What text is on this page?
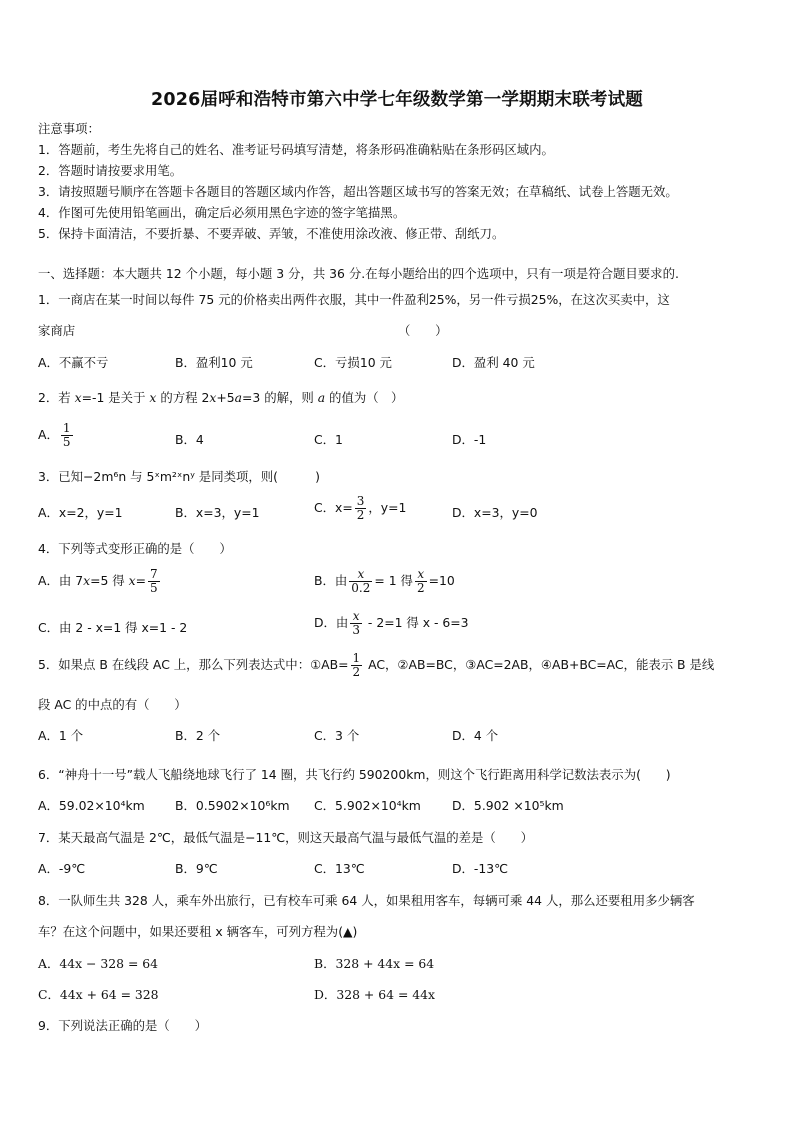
2026届呼和浩特市第六中学七年级数学第一学期期末联考试题
注意事项：
1．答题前，考生先将自己的姓名、准考证号码填写清楚，将条形码准确粘贴在条形码区域内。
2．答题时请按要求用笔。
3．请按照题号顺序在答题卡各题目的答题区域内作答，超出答题区域书写的答案无效；在草稿纸、试卷上答题无效。
4．作图可先使用铅笔画出，确定后必须用黑色字迹的签字笔描黑。
5．保持卡面清洁，不要折暴、不要弄破、弄皱，不准使用涂改液、修正带、刮纸刀。
一、选择题：本大题共 12 个小题，每小题 3 分，共 36 分.在每小题给出的四个选项中，只有一项是符合题目要求的.
1．一商店在某一时间以每件 75 元的价格卖出两件衣服，其中一件盈利25%，另一件亏损25%，在这次买卖中，这
家商店	（　　）
A．不赢不亏	B．盈利10 元	C．亏损10 元	D．盈利 40 元
2．若 x=-1 是关于 x 的方程 2x+5a=3 的解，则 a 的值为（　）
A． $\frac{1}{5}$	B．4	C．1	D．-1
3．已知−2m⁶n 与 5ˣm²ˣnʸ 是同类项，则(　　　)
A．x=2，y=1	B．x=3，y=1	C．$x= \frac{3}{2}$ ，y=1	D．x=3，y=0
4．下列等式变形正确的是（　　）
A．由 7x=5 得 $x= \frac{7}{5}$	B．由 $\frac{x}{0.2} = 1$ 得 $\frac{x}{2} =10$
C．由 2 - x=1 得 x=1 - 2	D．由 $\frac{x}{3} - 2=1$ 得 x - 6=3
5．如果点 B 在线段 AC 上，那么下列表达式中：①AB= $\frac{1}{2}$ AC，②AB=BC，③AC=2AB，④AB+BC=AC，能表示 B 是线
段 AC 的中点的有（　　）
A．1 个	B．2 个	C．3 个	D．4 个
6．“神舟十一号”载人飞船绕地球飞行了 14 圈，共飞行约 590200km，则这个飞行距离用科学记数法表示为(　　)
A．59.02×10⁴km B．0.5902×10⁶km C．5.902×10⁴km	D．5.902 ×10⁵km
7．某天最高气温是 2℃，最低气温是−11℃，则这天最高气温与最低气温的差是（　　）
A．-9℃	B．9℃	C．13℃	D．-13℃
8．一队师生共 328 人，乘车外出旅行，已有校车可乘 64 人，如果租用客车，每辆可乘 44 人，那么还要租用多少辆客
车？在这个问题中，如果还要租 x 辆客车，可列方程为(▲)
A．44x − 328 = 64	B．328 + 44x = 64
C．44x + 64 = 328	D．328 + 64 = 44x
9．下列说法正确的是（　　）
